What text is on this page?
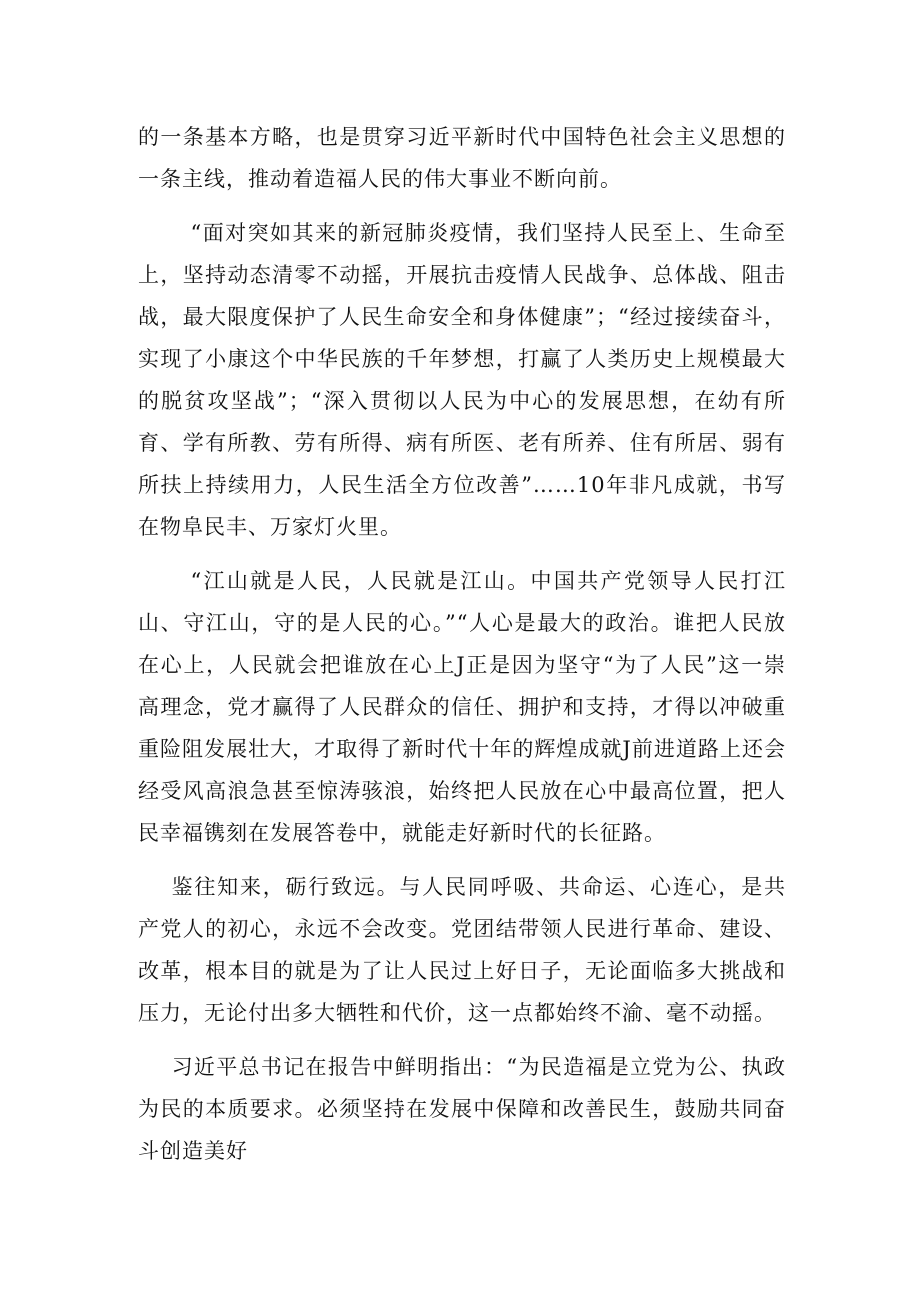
的一条基本方略，也是贯穿习近平新时代中国特色社会主义思想的一条主线，推动着造福人民的伟大事业不断向前。

“面对突如其来的新冠肺炎疫情，我们坚持人民至上、生命至上，坚持动态清零不动摇，开展抗击疫情人民战争、总体战、阻击战，最大限度保护了人民生命安全和身体健康”；“经过接续奋斗，实现了小康这个中华民族的千年梦想，打赢了人类历史上规模最大的脱贫攻坚战”；“深入贯彻以人民为中心的发展思想，在幼有所育、学有所教、劳有所得、病有所医、老有所养、住有所居、弱有所扶上持续用力，人民生活全方位改善”……10年非凡成就，书写在物阜民丰、万家灯火里。

“江山就是人民，人民就是江山。中国共产党领导人民打江山、守江山，守的是人民的心。”“人心是最大的政治。谁把人民放在心上，人民就会把谁放在心上J正是因为坚守“为了人民”这一崇高理念，党才赢得了人民群众的信任、拥护和支持，才得以冲破重重险阻发展壮大，才取得了新时代十年的辉煌成就J前进道路上还会经受风高浪急甚至惊涛骇浪，始终把人民放在心中最高位置，把人民幸福镌刻在发展答卷中，就能走好新时代的长征路。

鉴往知来，砺行致远。与人民同呼吸、共命运、心连心，是共产党人的初心，永远不会改变。党团结带领人民进行革命、建设、改革，根本目的就是为了让人民过上好日子，无论面临多大挑战和压力，无论付出多大牺牲和代价，这一点都始终不渝、毫不动摇。

习近平总书记在报告中鲜明指出：“为民造福是立党为公、执政为民的本质要求。必须坚持在发展中保障和改善民生，鼓励共同奋斗创造美好
